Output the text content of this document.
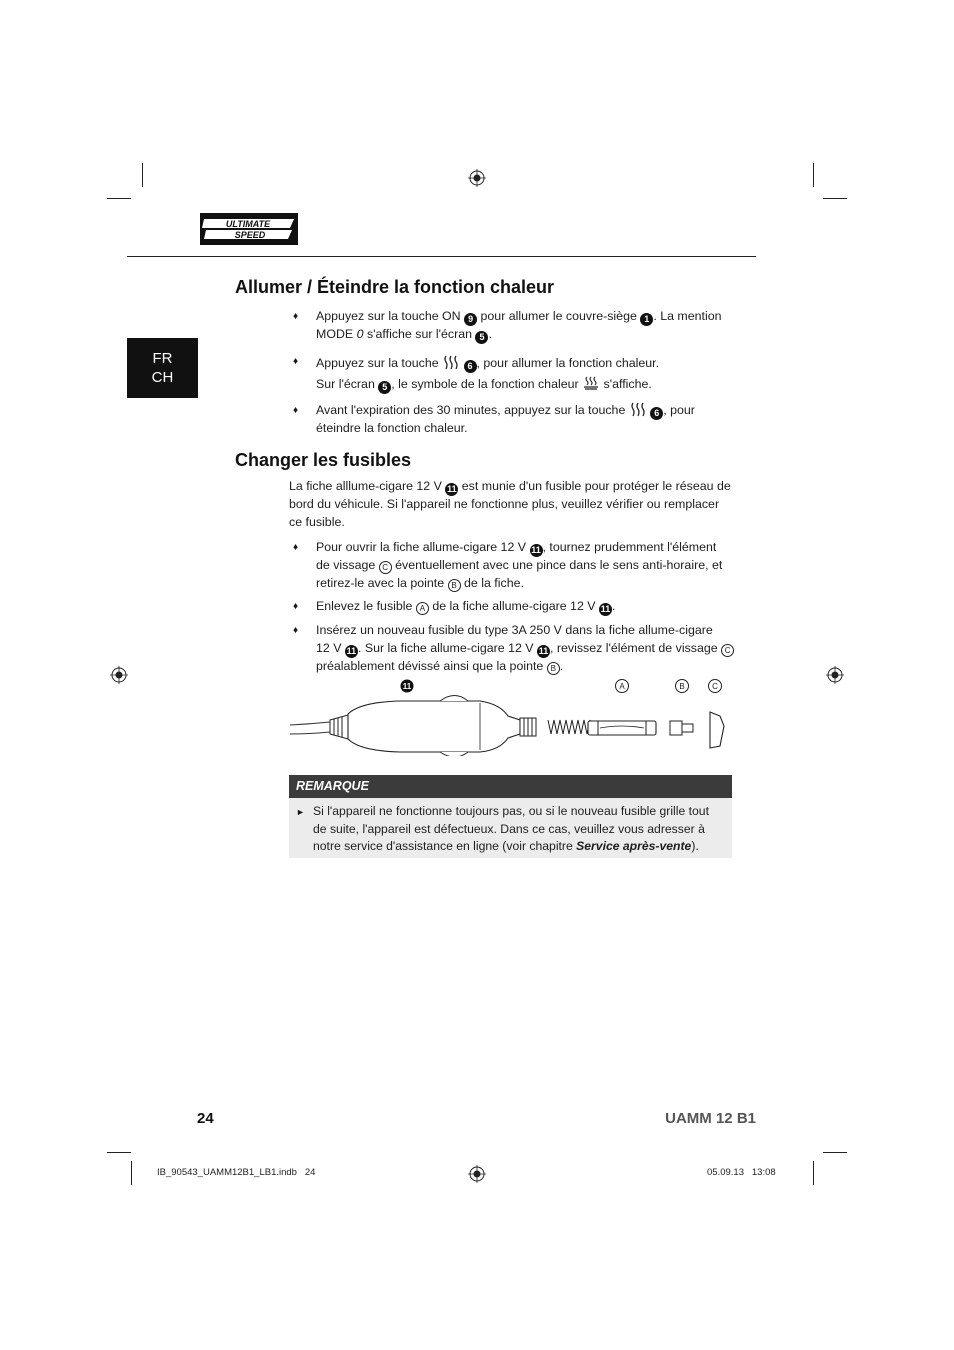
ULTIMATE
SPEED
FR
CH
Allumer / Éteindre la fonction chaleur
♦ Appuyez sur la touche ON 9 pour allumer le couvre-siège 1 . La mention
MODE 0 s'affiche sur l'écran 5 .
♦ Appuyez sur la touche	6 , pour allumer la fonction chaleur.
Sur l'écran 5 , le symbole de la fonction chaleur  s'affiche.
♦ Avant l'expiration des 30 minutes, appuyez sur la touche	6 , pour
éteindre la fonction chaleur.
Changer les fusibles
La fiche alllume-cigare 12 V 11 est munie d'un fusible pour protéger le réseau de
bord du véhicule. Si l'appareil ne fonctionne plus, veuillez vérifier ou remplacer
ce fusible.
♦ Pour ouvrir la fiche allume-cigare 12 V 11 , tournez prudemment l'élément
de vissage C éventuellement avec une pince dans le sens anti-horaire, et
retirez-le avec la pointe B de la fiche.
♦ Enlevez le fusible A de la fiche allume-cigare 12 V 11 .
♦ Insérez un nouveau fusible du type 3A 250 V dans la fiche allume-cigare
12 V 11 . Sur la fiche allume-cigare 12 V 11 , revissez l'élément de vissage C
préalablement dévissé ainsi que la pointe B .
11	A	B	C
REMARQUE
► Si l'appareil ne fonctionne toujours pas, ou si le nouveau fusible grille tout
de suite, l'appareil est défectueux. Dans ce cas, veuillez vous adresser à
notre service d'assistance en ligne (voir chapitre Service après-vente).
24	UAMM 12 B1
IB_90543_UAMM12B1_LB1.indb   24	05.09.13   13:08
